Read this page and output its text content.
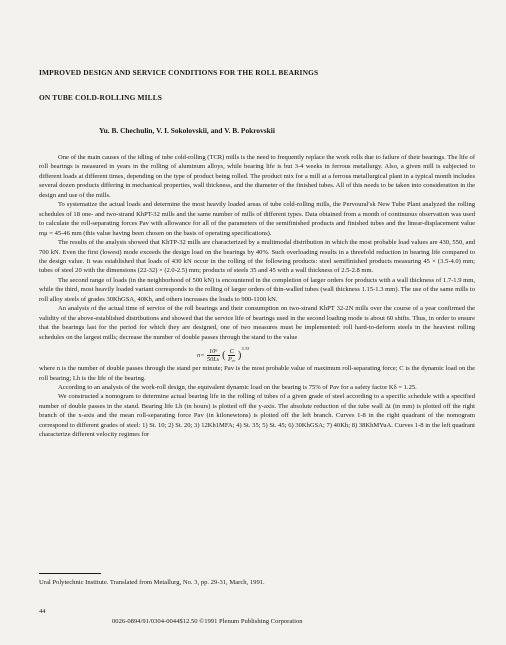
IMPROVED DESIGN AND SERVICE CONDITIONS FOR THE ROLL BEARINGS
ON TUBE COLD-ROLLING MILLS
Yu. B. Chechulin, V. I. Sokolovskii, and V. B. Pokrovskii

One of the main causes of the idling of tube cold-rolling (TCR) mills is the need to frequently replace the work rolls due to failure of their bearings. The life of roll bearings is measured in years in the rolling of aluminum alloys, while bearing life is but 3-4 weeks in ferrous metallurgy. Also, a given mill is subjected to different loads at different times, depending on the type of product being rolled. The product mix for a mill at a ferrous metallurgical plant in a typical month includes several dozen products differing in mechanical properties, wall thickness, and the diameter of the finished tubes. All of this needs to be taken into consideration in the design and use of the mills.

To systematize the actual loads and determine the most heavily loaded areas of tube cold-rolling mills, the Pervouralʹsk New Tube Plant analyzed the rolling schedules of 18 one- and two-strand KhPT-32 mills and the same number of mills of different types. Data obtained from a month of continuous observation was used to calculate the roll-separating forces Pav with allowance for all of the parameters of the semifinished products and finished tubes and the linear-displacement value mμ = 45-46 mm (this value having been chosen on the basis of operating specifications).

The results of the analysis showed that KhTP-32 mills are characterized by a multimodal distribution in which the most probable load values are 430, 550, and 700 kN. Even the first (lowest) mode exceeds the design load on the bearings by 40%. Such overloading results in a threefold reduction in bearing life compared to the design value. It was established that loads of 430 kN occur in the rolling of the following products: steel semifinished products measuring 45 × (3.5-4.0) mm; tubes of steel 20 with the dimensions (22-32) × (2.0-2.5) mm; products of steels 35 and 45 with a wall thickness of 2.5-2.8 mm.

The second range of loads (in the neighborhood of 500 kN) is encountered in the completion of larger orders for products with a wall thickness of 1.7-1.9 mm, while the third, most heavily loaded variant corresponds to the rolling of larger orders of thin-walled tubes (wall thickness 1.15-1.3 mm). The use of the same mills to roll alloy steels of grades 30KhGSA, 40Kh, and others increases the loads to 900-1100 kN.

An analysis of the actual time of service of the roll bearings and their consumption on two-strand KhPT 32-2N mills over the course of a year confirmed the validity of the above-established distributions and showed that the service life of bearings used in the second loading mode is about 60 shifts. Thus, in order to ensure that the bearings last for the period for which they are designed, one of two measures must be implemented: roll hard-to-deform steels in the heaviest rolling schedules on the largest mills; decrease the number of double passes through the stand to the value

$n= \frac{\text{10⁶}}{\text{50Lₕ}}$ ( $\frac{C}{\text{Pₐᵥ}} )^{3.33}$

where n is the number of double passes through the stand per minute; Pav is the most probable value of maximum roll-separating force; C is the dynamic load on the roll bearing; Lh is the life of the bearing.

According to an analysis of the work-roll design, the equivalent dynamic load on the bearing is 75% of Pav for a safety factor Kδ = 1.25.

We constructed a nomogram to determine actual bearing life in the rolling of tubes of a given grade of steel according to a specific schedule with a specified number of double passes in the stand. Bearing life Lh (in hours) is plotted off the y-axis. The absolute reduction of the tube wall Δt (in mm) is plotted off the right branch of the x-axis and the mean roll-separating force Pav (in kilonewtons) is plotted off the left branch. Curves 1-8 in the right quadrant of the nomogram correspond to different grades of steel: 1) St. 10; 2) St. 20; 3) 12Kh1MFA; 4) St. 35; 5) St. 45; 6) 30KhGSA; 7) 40Kh; 8) 38KhMYuA. Curves 1-8 in the left quadrant characterize different velocity regimes for

Ural Polytechnic Institute. Translated from Metallurg, No. 3, pp. 29-31, March, 1991.
44
0026-0894/91/0304-0044$12.50 ©1991 Plenum Publishing Corporation
